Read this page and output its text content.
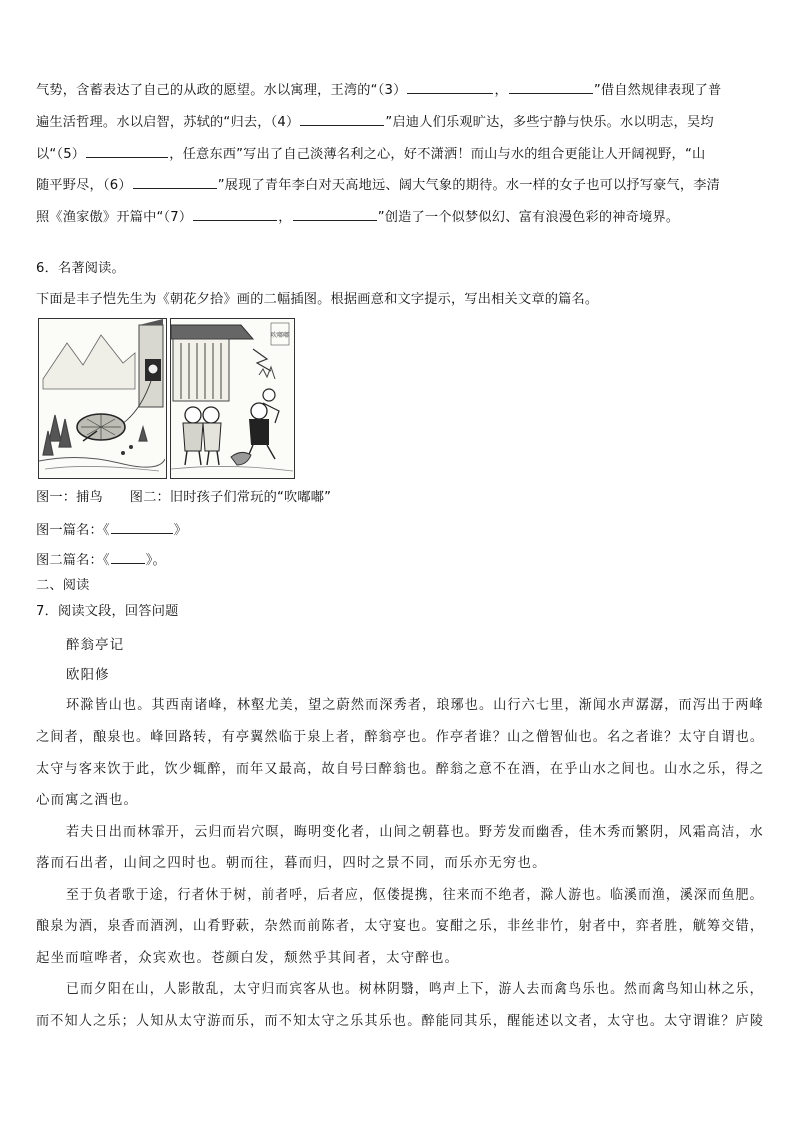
气势，含蓄表达了自己的从政的愿望。水以寓理，王湾的“（3）	，	”借自然规律表现了普
遍生活哲理。水以启智，苏轼的“归去，（4）	”启迪人们乐观旷达，多些宁静与快乐。水以明志，吴均
以“（5）	，任意东西”写出了自己淡薄名利之心，好不潇洒！而山与水的组合更能让人开阔视野，“山
随平野尽，（6）	”展现了青年李白对天高地远、阔大气象的期待。水一样的女子也可以抒写豪气，李清
照《渔家傲》开篇中“（7）	，	”创造了一个似梦似幻、富有浪漫色彩的神奇境界。
6．名著阅读。
下面是丰子恺先生为《朝花夕拾》画的二幅插图。根据画意和文字提示，写出相关文章的篇名。
吹嘟嘟
图一：捕鸟　　图二：旧时孩子们常玩的“吹嘟嘟”
图一篇名：《	》
图二篇名：《	》。
二、阅读
7．阅读文段，回答问题
醉翁亭记
欧阳修
环滁皆山也。其西南诸峰，林壑尤美，望之蔚然而深秀者，琅琊也。山行六七里，渐闻水声潺潺，而泻出于两峰
之间者，酿泉也。峰回路转，有亭翼然临于泉上者，醉翁亭也。作亭者谁？山之僧智仙也。名之者谁？太守自谓也。
太守与客来饮于此，饮少辄醉，而年又最高，故自号曰醉翁也。醉翁之意不在酒，在乎山水之间也。山水之乐，得之
心而寓之酒也。
若夫日出而林霏开，云归而岩穴暝，晦明变化者，山间之朝暮也。野芳发而幽香，佳木秀而繁阴，风霜高洁，水
落而石出者，山间之四时也。朝而往，暮而归，四时之景不同，而乐亦无穷也。
至于负者歌于途，行者休于树，前者呼，后者应，伛偻提携，往来而不绝者，滁人游也。临溪而渔，溪深而鱼肥。
酿泉为酒，泉香而酒洌，山肴野蔌，杂然而前陈者，太守宴也。宴酣之乐，非丝非竹，射者中，弈者胜，觥筹交错，
起坐而喧哗者，众宾欢也。苍颜白发，颓然乎其间者，太守醉也。
已而夕阳在山，人影散乱，太守归而宾客从也。树林阴翳，鸣声上下，游人去而禽鸟乐也。然而禽鸟知山林之乐，
而不知人之乐；人知从太守游而乐，而不知太守之乐其乐也。醉能同其乐，醒能述以文者，太守也。太守谓谁？庐陵
